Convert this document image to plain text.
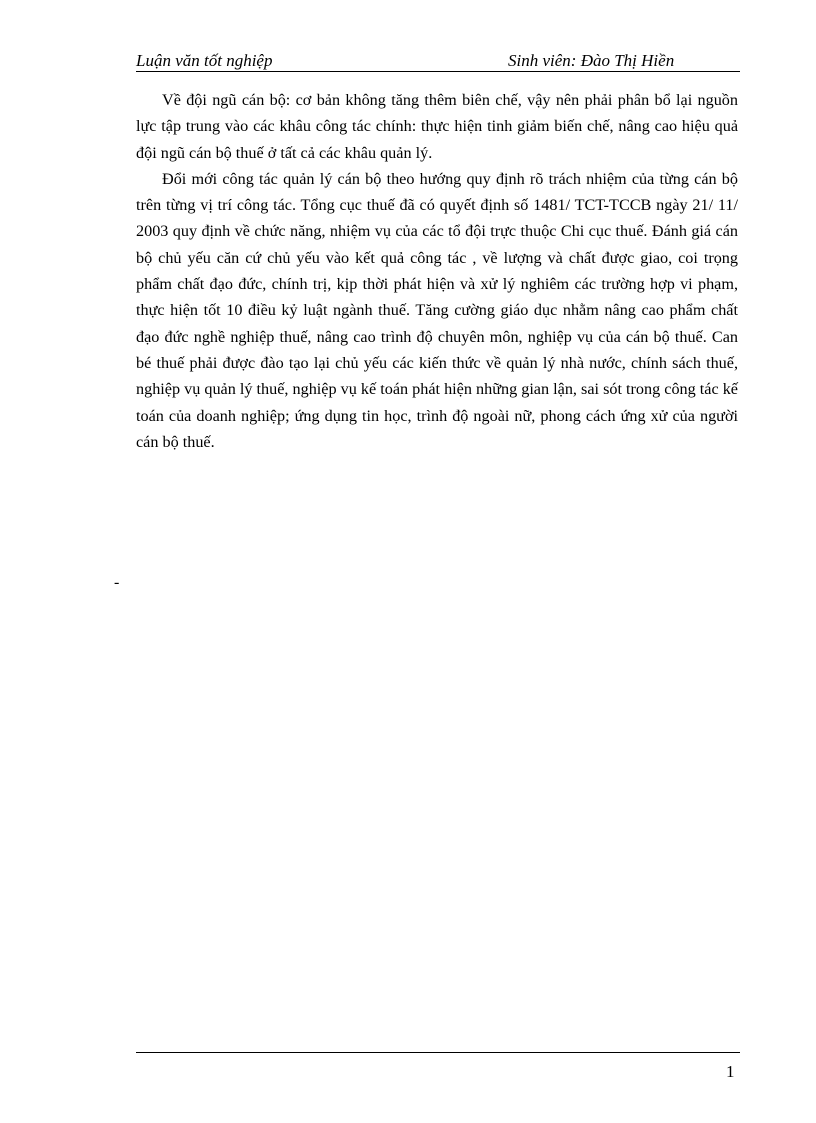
Luận văn tốt nghiệp	Sinh viên: Đào Thị Hiền

Về đội ngũ cán bộ: cơ bản không tăng thêm biên chế, vậy nên phải phân bổ lại nguồn lực tập trung vào các khâu công tác chính: thực hiện tinh giảm biến chế, nâng cao hiệu quả đội ngũ cán bộ thuế ở tất cả các khâu quản lý.

Đổi mới công tác quản lý cán bộ theo hướng quy định rõ trách nhiệm của từng cán bộ trên từng vị trí công tác. Tổng cục thuế đã có quyết định số 1481/ TCT-TCCB ngày 21/ 11/ 2003 quy định về chức năng, nhiệm vụ của các tổ đội trực thuộc Chi cục thuế. Đánh giá cán bộ chủ yếu căn cứ chủ yếu vào kết quả công tác , về lượng và chất được giao, coi trọng phẩm chất đạo đức, chính trị, kịp thời phát hiện và xử lý nghiêm các trường hợp vi phạm, thực hiện tốt 10 điều kỷ luật ngành thuế. Tăng cường giáo dục nhằm nâng cao phẩm chất đạo đức nghề nghiệp thuế, nâng cao trình độ chuyên môn, nghiệp vụ của cán bộ thuế. Can bé thuế phải được đào tạo lại chủ yếu các kiến thức về quản lý nhà nước, chính sách thuế, nghiệp vụ quản lý thuế, nghiệp vụ kế toán phát hiện những gian lận, sai sót trong công tác kế toán của doanh nghiệp; ứng dụng tin học, trình độ ngoài nữ, phong cách ứng xử của người cán bộ thuế.

-
1
